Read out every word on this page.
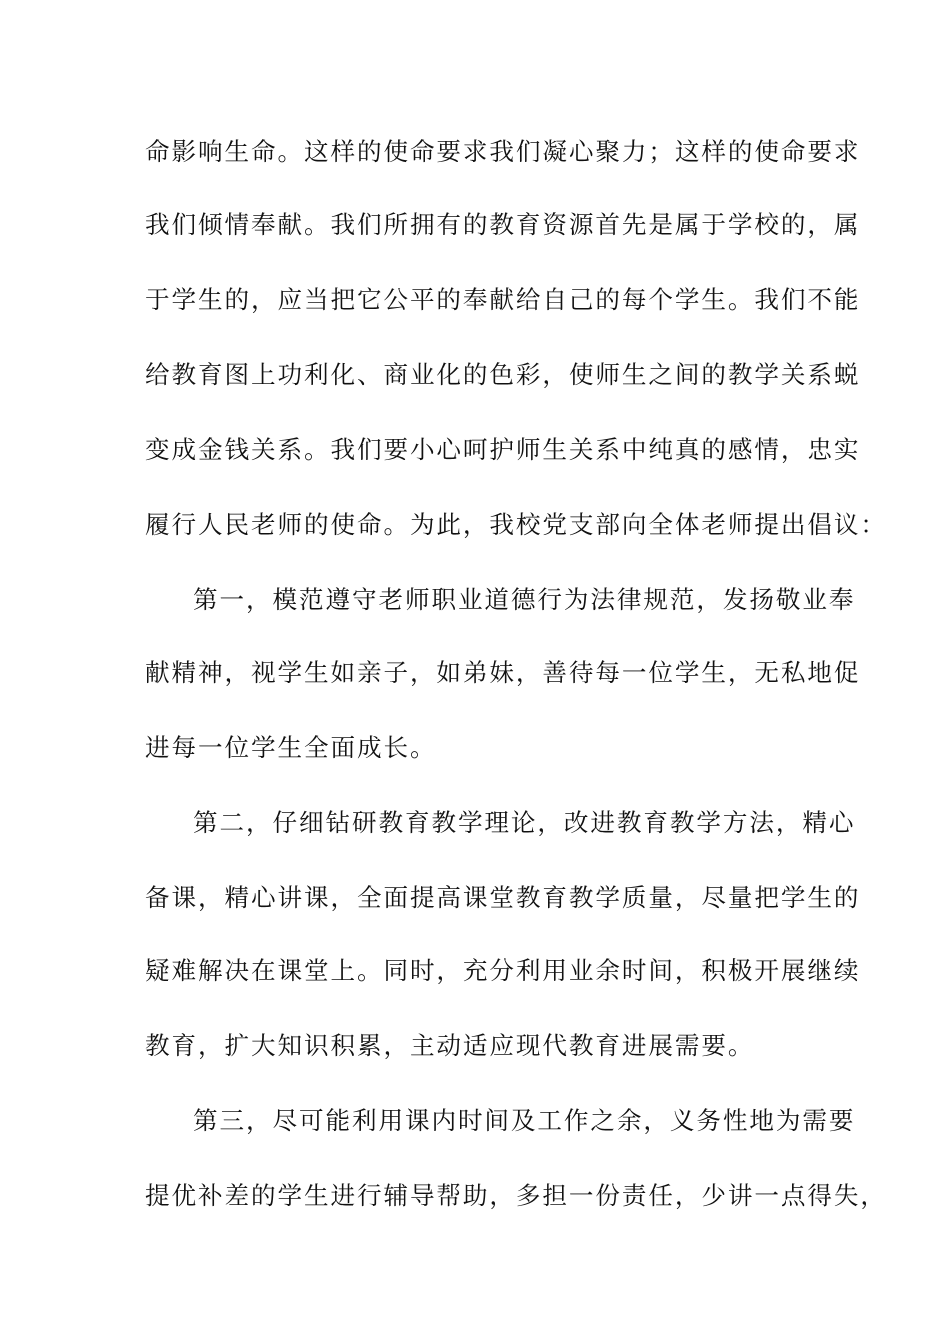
命影响生命。这样的使命要求我们凝心聚力；这样的使命要求
我们倾情奉献。我们所拥有的教育资源首先是属于学校的，属
于学生的，应当把它公平的奉献给自己的每个学生。我们不能
给教育图上功利化、商业化的色彩，使师生之间的教学关系蜕
变成金钱关系。我们要小心呵护师生关系中纯真的感情，忠实
履行人民老师的使命。为此，我校党支部向全体老师提出倡议：
第一，模范遵守老师职业道德行为法律规范，发扬敬业奉
献精神，视学生如亲子，如弟妹，善待每一位学生，无私地促
进每一位学生全面成长。
第二，仔细钻研教育教学理论，改进教育教学方法，精心
备课，精心讲课，全面提高课堂教育教学质量，尽量把学生的
疑难解决在课堂上。同时，充分利用业余时间，积极开展继续
教育，扩大知识积累，主动适应现代教育进展需要。
第三，尽可能利用课内时间及工作之余，义务性地为需要
提优补差的学生进行辅导帮助，多担一份责任，少讲一点得失，
